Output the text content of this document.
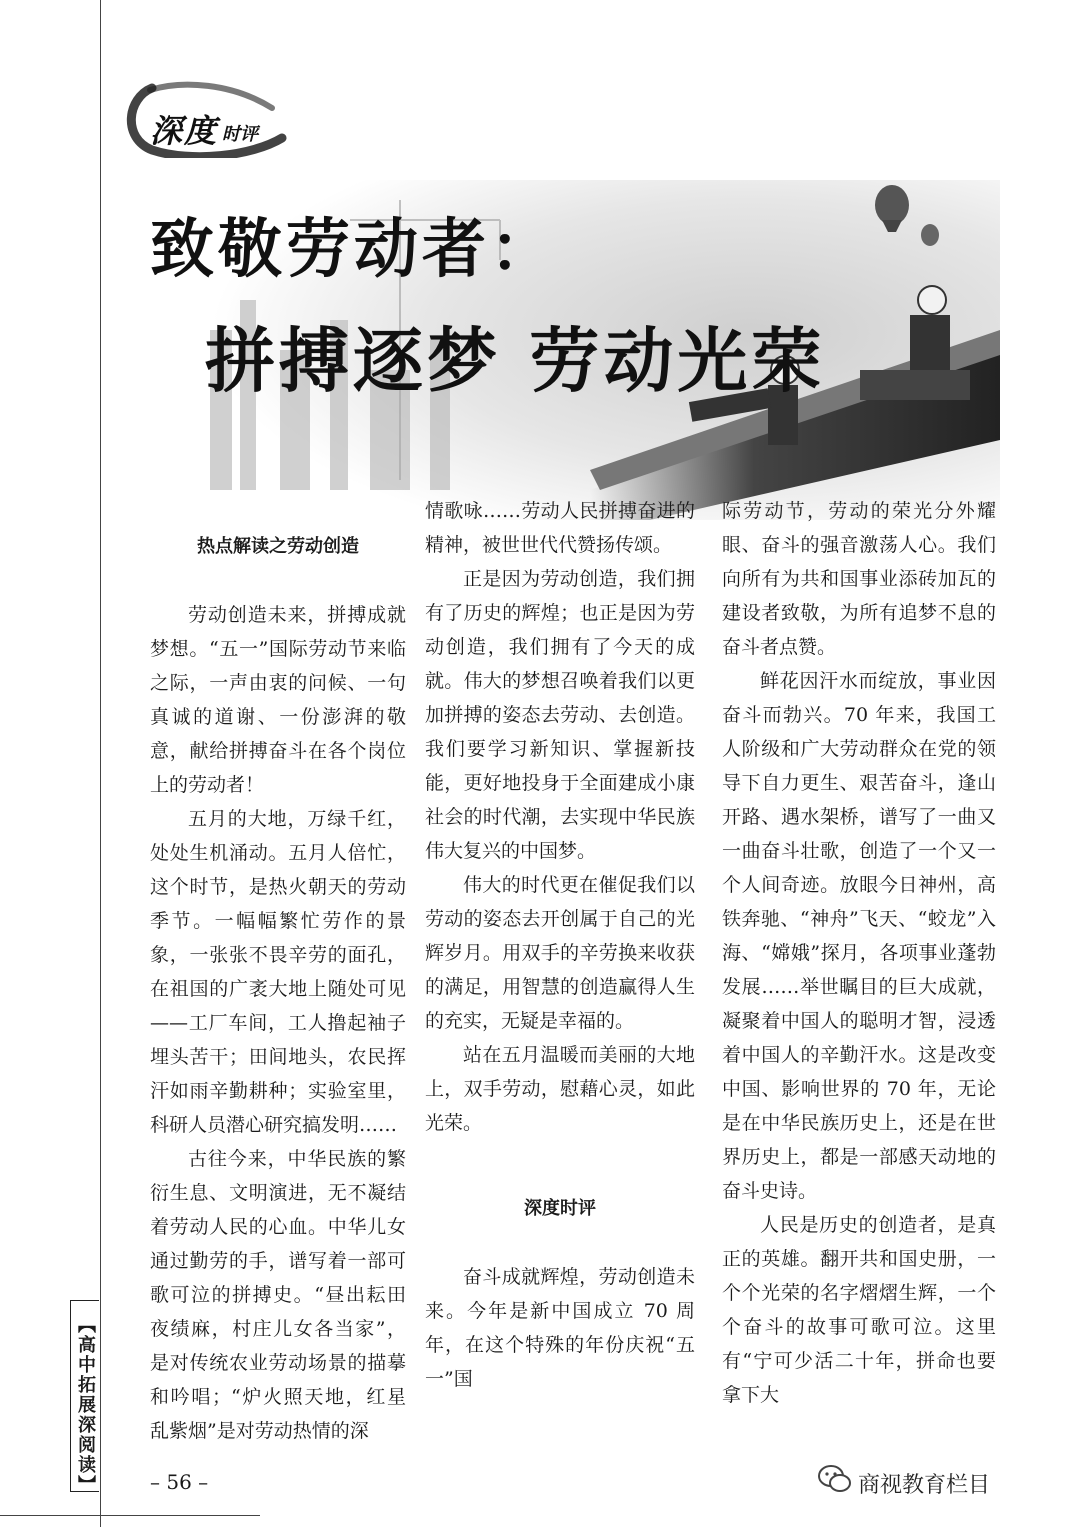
深度 时评
致敬劳动者：
拼搏逐梦 劳动光荣

热点解读之劳动创造

劳动创造未来，拼搏成就梦想。“五一”国际劳动节来临之际，一声由衷的问候、一句真诚的道谢、一份澎湃的敬意，献给拼搏奋斗在各个岗位上的劳动者！

五月的大地，万绿千红，处处生机涌动。五月人倍忙，这个时节，是热火朝天的劳动季节。一幅幅繁忙劳作的景象，一张张不畏辛劳的面孔，在祖国的广袤大地上随处可见——工厂车间，工人撸起袖子埋头苦干；田间地头，农民挥汗如雨辛勤耕种；实验室里，科研人员潜心研究搞发明……

古往今来，中华民族的繁衍生息、文明演进，无不凝结着劳动人民的心血。中华儿女通过勤劳的手，谱写着一部可歌可泣的拼搏史。“昼出耘田夜绩麻，村庄儿女各当家”，是对传统农业劳动场景的描摹和吟唱；“炉火照天地，红星乱紫烟”是对劳动热情的深

情歌咏……劳动人民拼搏奋进的精神，被世世代代赞扬传颂。

正是因为劳动创造，我们拥有了历史的辉煌；也正是因为劳动创造，我们拥有了今天的成就。伟大的梦想召唤着我们以更加拼搏的姿态去劳动、去创造。我们要学习新知识、掌握新技能，更好地投身于全面建成小康社会的时代潮，去实现中华民族伟大复兴的中国梦。

伟大的时代更在催促我们以劳动的姿态去开创属于自己的光辉岁月。用双手的辛劳换来收获的满足，用智慧的创造赢得人生的充实，无疑是幸福的。

站在五月温暖而美丽的大地上，双手劳动，慰藉心灵，如此光荣。

深度时评

奋斗成就辉煌，劳动创造未来。今年是新中国成立 70 周年，在这个特殊的年份庆祝“五一”国

际劳动节，劳动的荣光分外耀眼、奋斗的强音激荡人心。我们向所有为共和国事业添砖加瓦的建设者致敬，为所有追梦不息的奋斗者点赞。

鲜花因汗水而绽放，事业因奋斗而勃兴。70 年来，我国工人阶级和广大劳动群众在党的领导下自力更生、艰苦奋斗，逢山开路、遇水架桥，谱写了一曲又一曲奋斗壮歌，创造了一个又一个人间奇迹。放眼今日神州，高铁奔驰、“神舟”飞天、“蛟龙”入海、“嫦娥”探月，各项事业蓬勃发展……举世瞩目的巨大成就，凝聚着中国人的聪明才智，浸透着中国人的辛勤汗水。这是改变中国、影响世界的 70 年，无论是在中华民族历史上，还是在世界历史上，都是一部感天动地的奋斗史诗。

人民是历史的创造者，是真正的英雄。翻开共和国史册，一个个光荣的名字熠熠生辉，一个个奋斗的故事可歌可泣。这里有“宁可少活二十年，拼命也要拿下大

【高中拓展深阅读】	– 56 –	商视教育栏目
